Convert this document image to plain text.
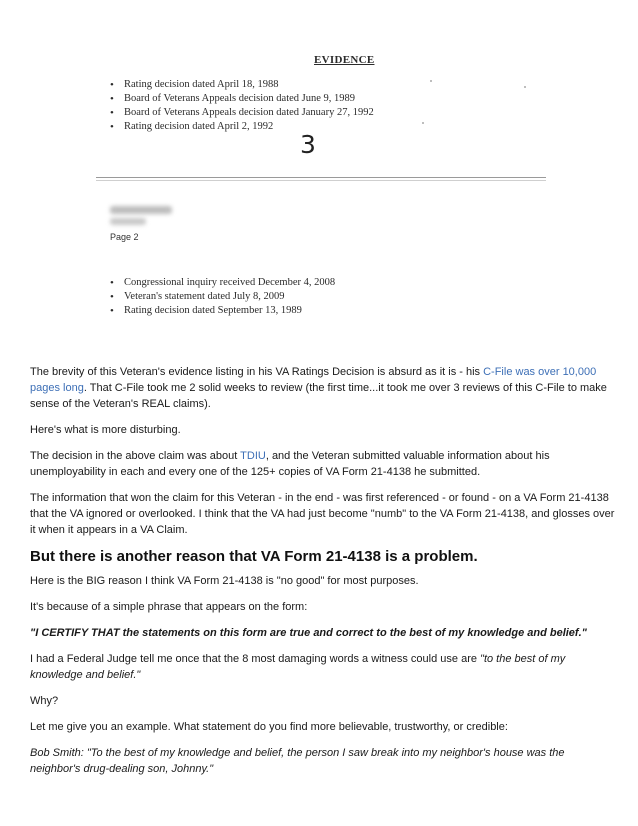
EVIDENCE
• Rating decision dated April 18, 1988
• Board of Veterans Appeals decision dated June 9, 1989
• Board of Veterans Appeals decision dated January 27, 1992
• Rating decision dated April 2, 1992
3
Page 2
• Congressional inquiry received December 4, 2008
• Veteran's statement dated July 8, 2009
• Rating decision dated September 13, 1989

The brevity of this Veteran's evidence listing in his VA Ratings Decision is absurd as it is - his C-File was over 10,000 pages long. That C-File took me 2 solid weeks to review (the first time...it took me over 3 reviews of this C-File to make sense of the Veteran's REAL claims).

Here's what is more disturbing.

The decision in the above claim was about TDIU, and the Veteran submitted valuable information about his unemployability in each and every one of the 125+ copies of VA Form 21-4138 he submitted.

The information that won the claim for this Veteran - in the end - was first referenced - or found - on a VA Form 21-4138 that the VA ignored or overlooked. I think that the VA had just become "numb" to the VA Form 21-4138, and glosses over it when it appears in a VA Claim.

But there is another reason that VA Form 21-4138 is a problem.

Here is the BIG reason I think VA Form 21-4138 is "no good" for most purposes.

It's because of a simple phrase that appears on the form:

"I CERTIFY THAT the statements on this form are true and correct to the best of my knowledge and belief."

I had a Federal Judge tell me once that the 8 most damaging words a witness could use are "to the best of my knowledge and belief."

Why?

Let me give you an example. What statement do you find more believable, trustworthy, or credible:

Bob Smith: "To the best of my knowledge and belief, the person I saw break into my neighbor's house was the neighbor's drug-dealing son, Johnny."
